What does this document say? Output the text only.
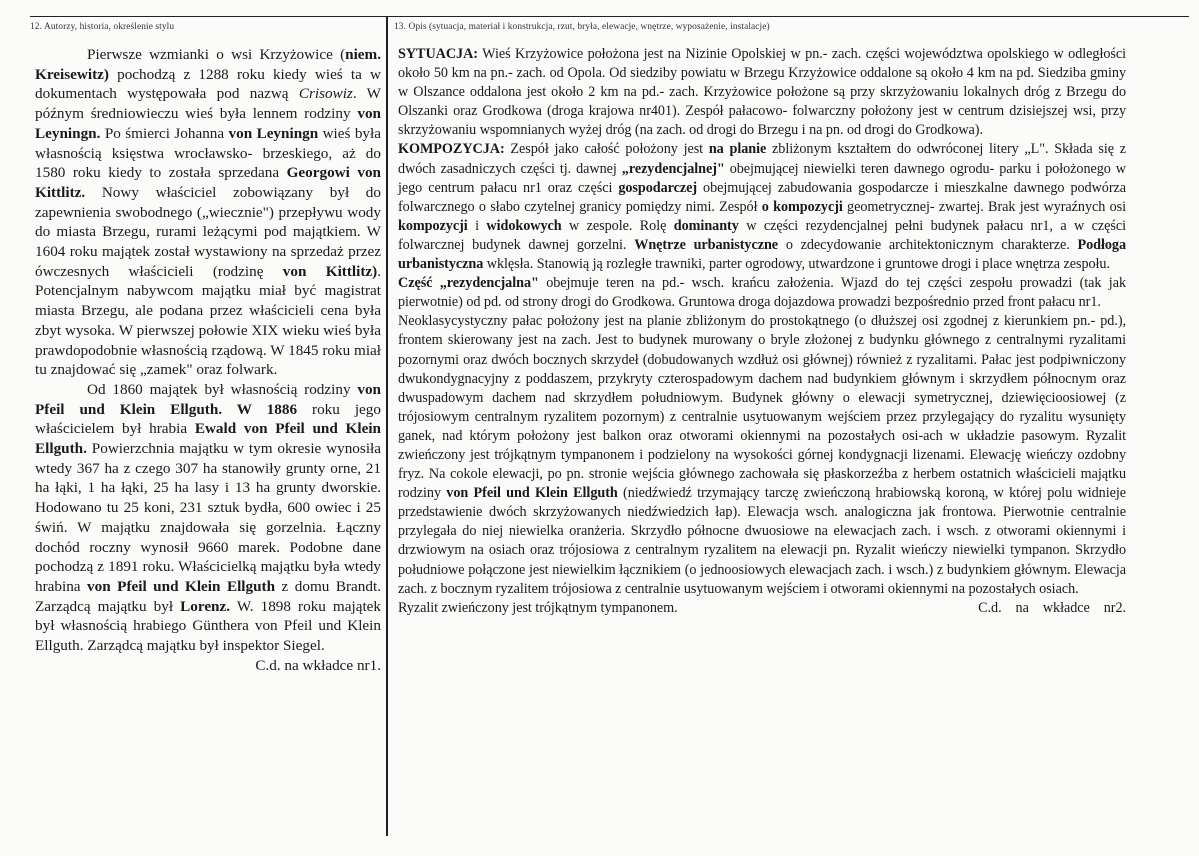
12. Autorzy, historia, określenie stylu	13. Opis (sytuacja, materiał i konstrukcja, rzut, bryła, elewacje, wnętrze, wyposażenie, instalacje)

Pierwsze wzmianki o wsi Krzyżowice (niem. Kreisewitz) pochodzą z 1288 roku kiedy wieś ta w dokumentach występowała pod nazwą Crisowiz. W późnym średniowieczu wieś była lennem rodziny von Leyningn. Po śmierci Johanna von Leyningn wieś była własnością księstwa wrocławsko- brzeskiego, aż do 1580 roku kiedy to została sprzedana Georgowi von Kittlitz. Nowy właściciel zobowiązany był do zapewnienia swobodnego („wiecznie") przepływu wody do miasta Brzegu, rurami leżącymi pod majątkiem. W 1604 roku majątek został wystawiony na sprzedaż przez ówczesnych właścicieli (rodzinę von Kittlitz). Potencjalnym nabywcom majątku miał być magistrat miasta Brzegu, ale podana przez właścicieli cena była zbyt wysoka. W pierwszej połowie XIX wieku wieś była prawdopodobnie własnością rządową. W 1845 roku miał tu znajdować się „zamek" oraz folwark.

Od 1860 majątek był własnością rodziny von Pfeil und Klein Ellguth. W 1886 roku jego właścicielem był hrabia Ewald von Pfeil und Klein Ellguth. Powierzchnia majątku w tym okresie wynosiła wtedy 367 ha z czego 307 ha stanowiły grunty orne, 21 ha łąki, 1 ha łąki, 25 ha lasy i 13 ha grunty dworskie. Hodowano tu 25 koni, 231 sztuk bydła, 600 owiec i 25 świń. W majątku znajdowała się gorzelnia. Łączny dochód roczny wynosił 9660 marek. Podobne dane pochodzą z 1891 roku. Właścicielką majątku była wtedy hrabina von Pfeil und Klein Ellguth z domu Brandt. Zarządcą majątku był Lorenz. W. 1898 roku majątek był własnością hrabiego Günthera von Pfeil und Klein Ellguth. Zarządcą majątku był inspektor Siegel.

C.d. na wkładce nr1.

SYTUACJA: Wieś Krzyżowice położona jest na Nizinie Opolskiej w pn.- zach. części województwa opolskiego w odległości około 50 km na pn.- zach. od Opola. Od siedziby powiatu w Brzegu Krzyżowice oddalone są około 4 km na pd. Siedziba gminy w Olszance oddalona jest około 2 km na pd.- zach. Krzyżowice położone są przy skrzyżowaniu lokalnych dróg z Brzegu do Olszanki oraz Grodkowa (droga krajowa nr401). Zespół pałacowo- folwarczny położony jest w centrum dzisiejszej wsi, przy skrzyżowaniu wspomnianych wyżej dróg (na zach. od drogi do Brzegu i na pn. od drogi do Grodkowa).

KOMPOZYCJA: Zespół jako całość położony jest na planie zbliżonym kształtem do odwróconej litery „L". Składa się z dwóch zasadniczych części tj. dawnej „rezydencjalnej" obejmującej niewielki teren dawnego ogrodu- parku i położonego w jego centrum pałacu nr1 oraz części gospodarczej obejmującej zabudowania gospodarcze i mieszkalne dawnego podwórza folwarcznego o słabo czytelnej granicy pomiędzy nimi. Zespół o kompozycji geometrycznej- zwartej. Brak jest wyraźnych osi kompozycji i widokowych w zespole. Rolę dominanty w części rezydencjalnej pełni budynek pałacu nr1, a w części folwarcznej budynek dawnej gorzelni. Wnętrze urbanistyczne o zdecydowanie architektonicznym charakterze. Podłoga urbanistyczna wklęsła. Stanowią ją rozległe trawniki, parter ogrodowy, utwardzone i gruntowe drogi i place wnętrza zespołu.

Część „rezydencjalna" obejmuje teren na pd.- wsch. krańcu założenia. Wjazd do tej części zespołu prowadzi (tak jak pierwotnie) od pd. od strony drogi do Grodkowa. Gruntowa droga dojazdowa prowadzi bezpośrednio przed front pałacu nr1.

Neoklasycystyczny pałac położony jest na planie zbliżonym do prostokątnego (o dłuższej osi zgodnej z kierunkiem pn.- pd.), frontem skierowany jest na zach. Jest to budynek murowany o bryle złożonej z budynku głównego z centralnymi ryzalitami pozornymi oraz dwóch bocznych skrzydeł (dobudowanych wzdłuż osi głównej) również z ryzalitami. Pałac jest podpiwniczony dwukondygnacyjny z poddaszem, przykryty czterospadowym dachem nad budynkiem głównym i skrzydłem północnym oraz dwuspadowym dachem nad skrzydłem południowym. Budynek główny o elewacji symetrycznej, dziewięcioosiowej (z trójosiowym centralnym ryzalitem pozornym) z centralnie usytuowanym wejściem przez przylegający do ryzalitu wysunięty ganek, nad którym położony jest balkon oraz otworami okiennymi na pozostałych osi-ach w układzie pasowym. Ryzalit zwieńczony jest trójkątnym tympanonem i podzielony na wysokości górnej kondygnacji lizenami. Elewację wieńczy ozdobny fryz. Na cokole elewacji, po pn. stronie wejścia głównego zachowała się płaskorzeźba z herbem ostatnich właścicieli majątku rodziny von Pfeil und Klein Ellguth (niedźwiedź trzymający tarczę zwieńczoną hrabiowską koroną, w której polu widnieje przedstawienie dwóch skrzyżowanych niedźwiedzich łap). Elewacja wsch. analogiczna jak frontowa. Pierwotnie centralnie przylegała do niej niewielka oranżeria. Skrzydło północne dwuosiowe na elewacjach zach. i wsch. z otworami okiennymi i drzwiowym na osiach oraz trójosiowa z centralnym ryzalitem na elewacji pn. Ryzalit wieńczy niewielki tympanon. Skrzydło południowe połączone jest niewielkim łącznikiem (o jednoosiowych elewacjach zach. i wsch.) z budynkiem głównym. Elewacja zach. z bocznym ryzalitem trójosiowa z centralnie usytuowanym wejściem i otworami okiennymi na pozostałych osiach.

Ryzalit zwieńczony jest trójkątnym tympanonem.	C.d.    na    wkładce    nr2.
